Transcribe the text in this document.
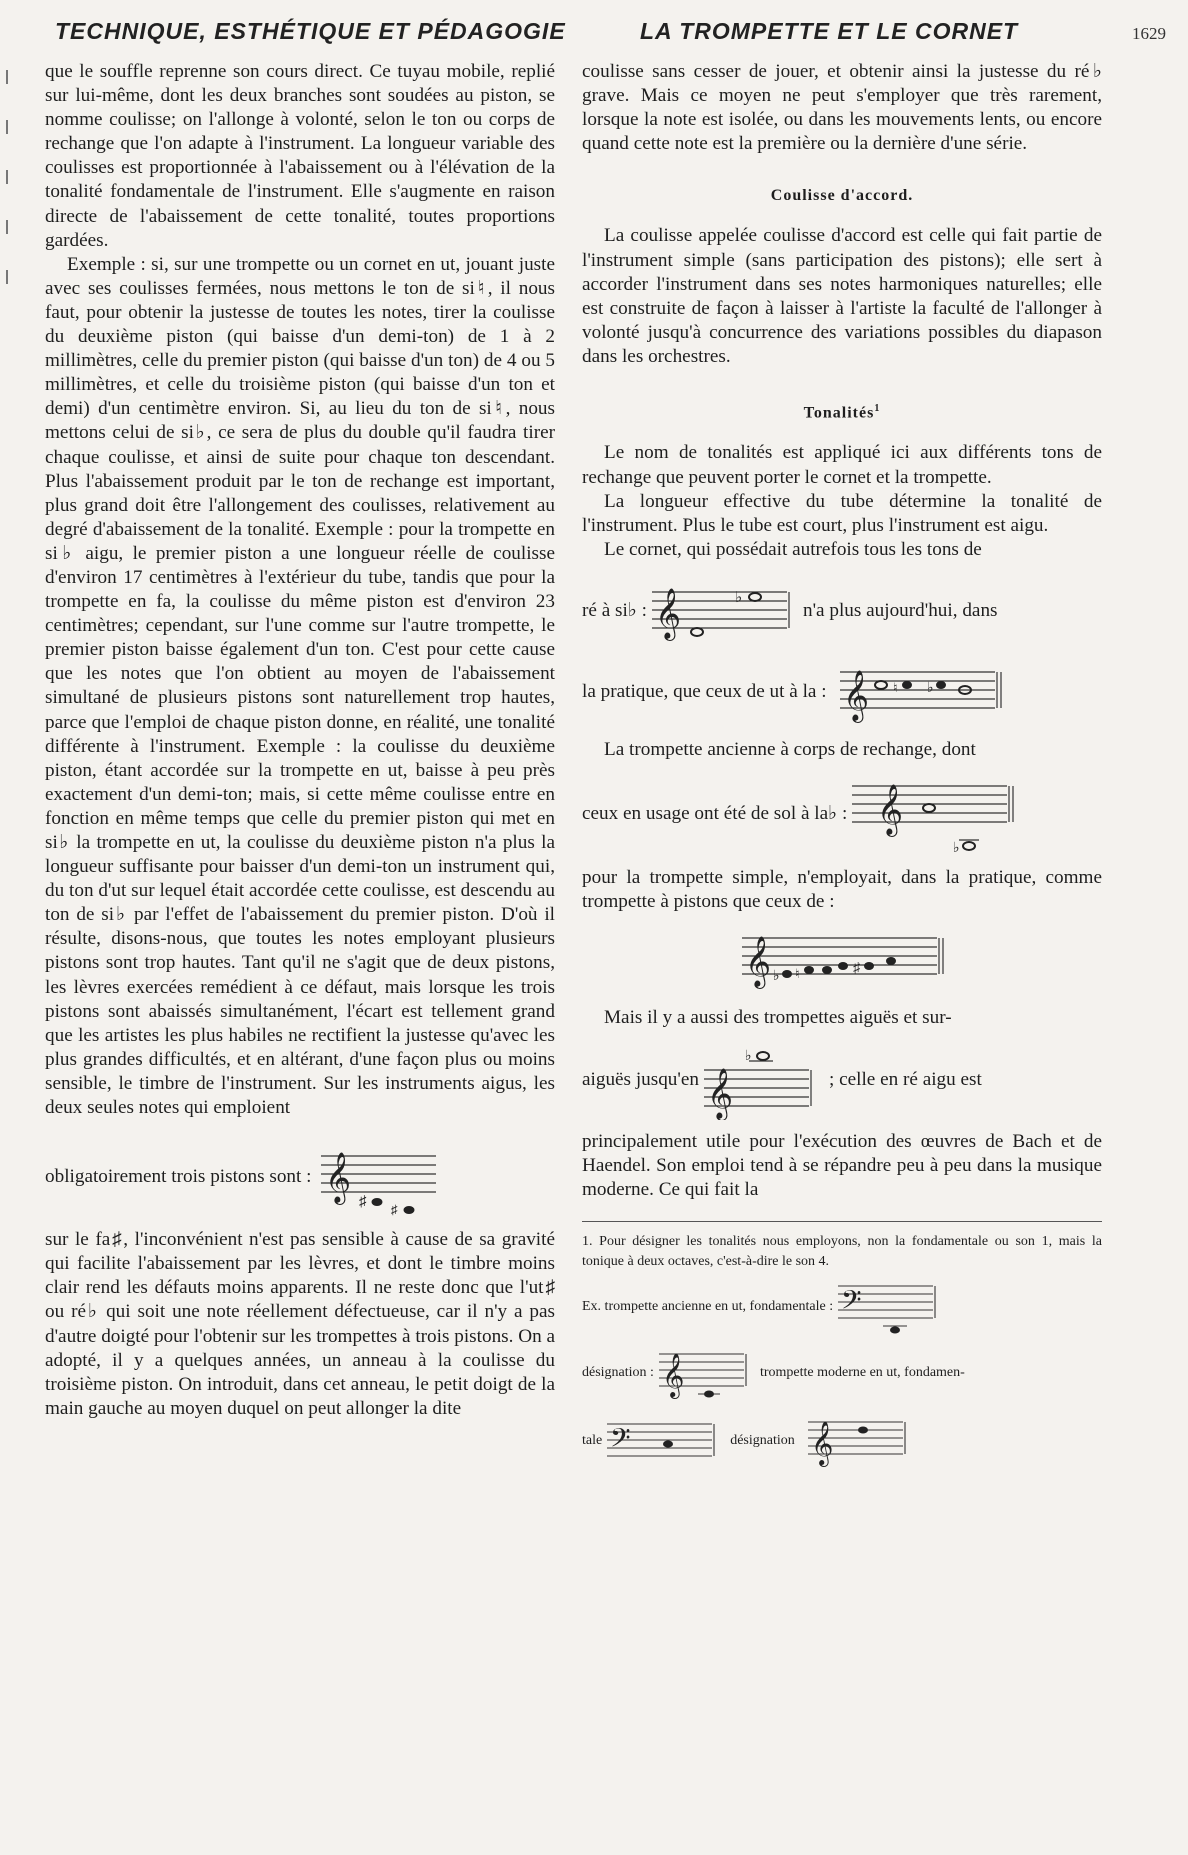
TECHNIQUE, ESTHÉTIQUE ET PÉDAGOGIE	LA TROMPETTE ET LE CORNET	1629

que le souffle reprenne son cours direct. Ce tuyau mobile, replié sur lui-même, dont les deux branches sont soudées au piston, se nomme coulisse; on l'allonge à volonté, selon le ton ou corps de rechange que l'on adapte à l'instrument. La longueur variable des coulisses est proportionnée à l'abaissement ou à l'élévation de la tonalité fondamentale de l'instrument. Elle s'augmente en raison directe de l'abaissement de cette tonalité, toutes proportions gardées.

Exemple : si, sur une trompette ou un cornet en ut, jouant juste avec ses coulisses fermées, nous mettons le ton de si♮, il nous faut, pour obtenir la justesse de toutes les notes, tirer la coulisse du deuxième piston (qui baisse d'un demi-ton) de 1 à 2 millimètres, celle du premier piston (qui baisse d'un ton) de 4 ou 5 millimètres, et celle du troisième piston (qui baisse d'un ton et demi) d'un centimètre environ. Si, au lieu du ton de si♮, nous mettons celui de si♭, ce sera de plus du double qu'il faudra tirer chaque coulisse, et ainsi de suite pour chaque ton descendant. Plus l'abaissement produit par le ton de rechange est important, plus grand doit être l'allongement des coulisses, relativement au degré d'abaissement de la tonalité. Exemple : pour la trompette en si♭ aigu, le premier piston a une longueur réelle de coulisse d'environ 17 centimètres à l'extérieur du tube, tandis que pour la trompette en fa, la coulisse du même piston est d'environ 23 centimètres; cependant, sur l'une comme sur l'autre trompette, le premier piston baisse également d'un ton. C'est pour cette cause que les notes que l'on obtient au moyen de l'abaissement simultané de plusieurs pistons sont naturellement trop hautes, parce que l'emploi de chaque piston donne, en réalité, une tonalité différente à l'instrument. Exemple : la coulisse du deuxième piston, étant accordée sur la trompette en ut, baisse à peu près exactement d'un demi-ton; mais, si cette même coulisse entre en fonction en même temps que celle du premier piston qui met en si♭ la trompette en ut, la coulisse du deuxième piston n'a plus la longueur suffisante pour baisser d'un demi-ton un instrument qui, du ton d'ut sur lequel était accordée cette coulisse, est descendu au ton de si♭ par l'effet de l'abaissement du premier piston. D'où il résulte, disons-nous, que toutes les notes employant plusieurs pistons sont trop hautes. Tant qu'il ne s'agit que de deux pistons, les lèvres exercées remédient à ce défaut, mais lorsque les trois pistons sont abaissés simultanément, l'écart est tellement grand que les artistes les plus habiles ne rectifient la justesse qu'avec les plus grandes difficultés, et en altérant, d'une façon plus ou moins sensible, le timbre de l'instrument. Sur les instruments aigus, les deux seules notes qui emploient

obligatoirement trois pistons sont : 𝄞 ♯ ♯

sur le fa♯, l'inconvénient n'est pas sensible à cause de sa gravité qui facilite l'abaissement par les lèvres, et dont le timbre moins clair rend les défauts moins apparents. Il ne reste donc que l'ut♯ ou ré♭ qui soit une note réellement défectueuse, car il n'y a pas d'autre doigté pour l'obtenir sur les trompettes à trois pistons. On a adopté, il y a quelques années, un anneau à la coulisse du troisième piston. On introduit, dans cet anneau, le petit doigt de la main gauche au moyen duquel on peut allonger la dite

coulisse sans cesser de jouer, et obtenir ainsi la justesse du ré♭ grave. Mais ce moyen ne peut s'employer que très rarement, lorsque la note est isolée, ou dans les mouvements lents, ou encore quand cette note est la première ou la dernière d'une série.

Coulisse d'accord.

La coulisse appelée coulisse d'accord est celle qui fait partie de l'instrument simple (sans participation des pistons); elle sert à accorder l'instrument dans ses notes harmoniques naturelles; elle est construite de façon à laisser à l'artiste la faculté de l'allonger à volonté jusqu'à concurrence des variations possibles du diapason dans les orchestres.

Tonalités$^1$

Le nom de tonalités est appliqué ici aux différents tons de rechange que peuvent porter le cornet et la trompette.

La longueur effective du tube détermine la tonalité de l'instrument. Plus le tube est court, plus l'instrument est aigu.

Le cornet, qui possédait autrefois tous les tons de

ré à si♭ : 𝄞	♭
n'a plus aujourd'hui, dans
la pratique, que ceux de ut à la : 𝄞 ♮ ♭

La trompette ancienne à corps de rechange, dont

ceux en usage ont été de sol à la♭ : 𝄞
♭

pour la trompette simple, n'employait, dans la pratique, comme trompette à pistons que ceux de :

𝄞 ♭ ♮	♯

Mais il y a aussi des trompettes aiguës et sur-

aiguës jusqu'en 𝄞
♭
; celle en ré aigu est

principalement utile pour l'exécution des œuvres de Bach et de Haendel. Son emploi tend à se répandre peu à peu dans la musique moderne. Ce qui fait la

1. Pour désigner les tonalités nous employons, non la fondamentale ou son 1, mais la tonique à deux octaves, c'est-à-dire le son 4.

Ex. trompette ancienne en ut, fondamentale : 𝄢
désignation : 𝄞	trompette moderne en ut, fondamen-
tale 𝄢	désignation 𝄞
